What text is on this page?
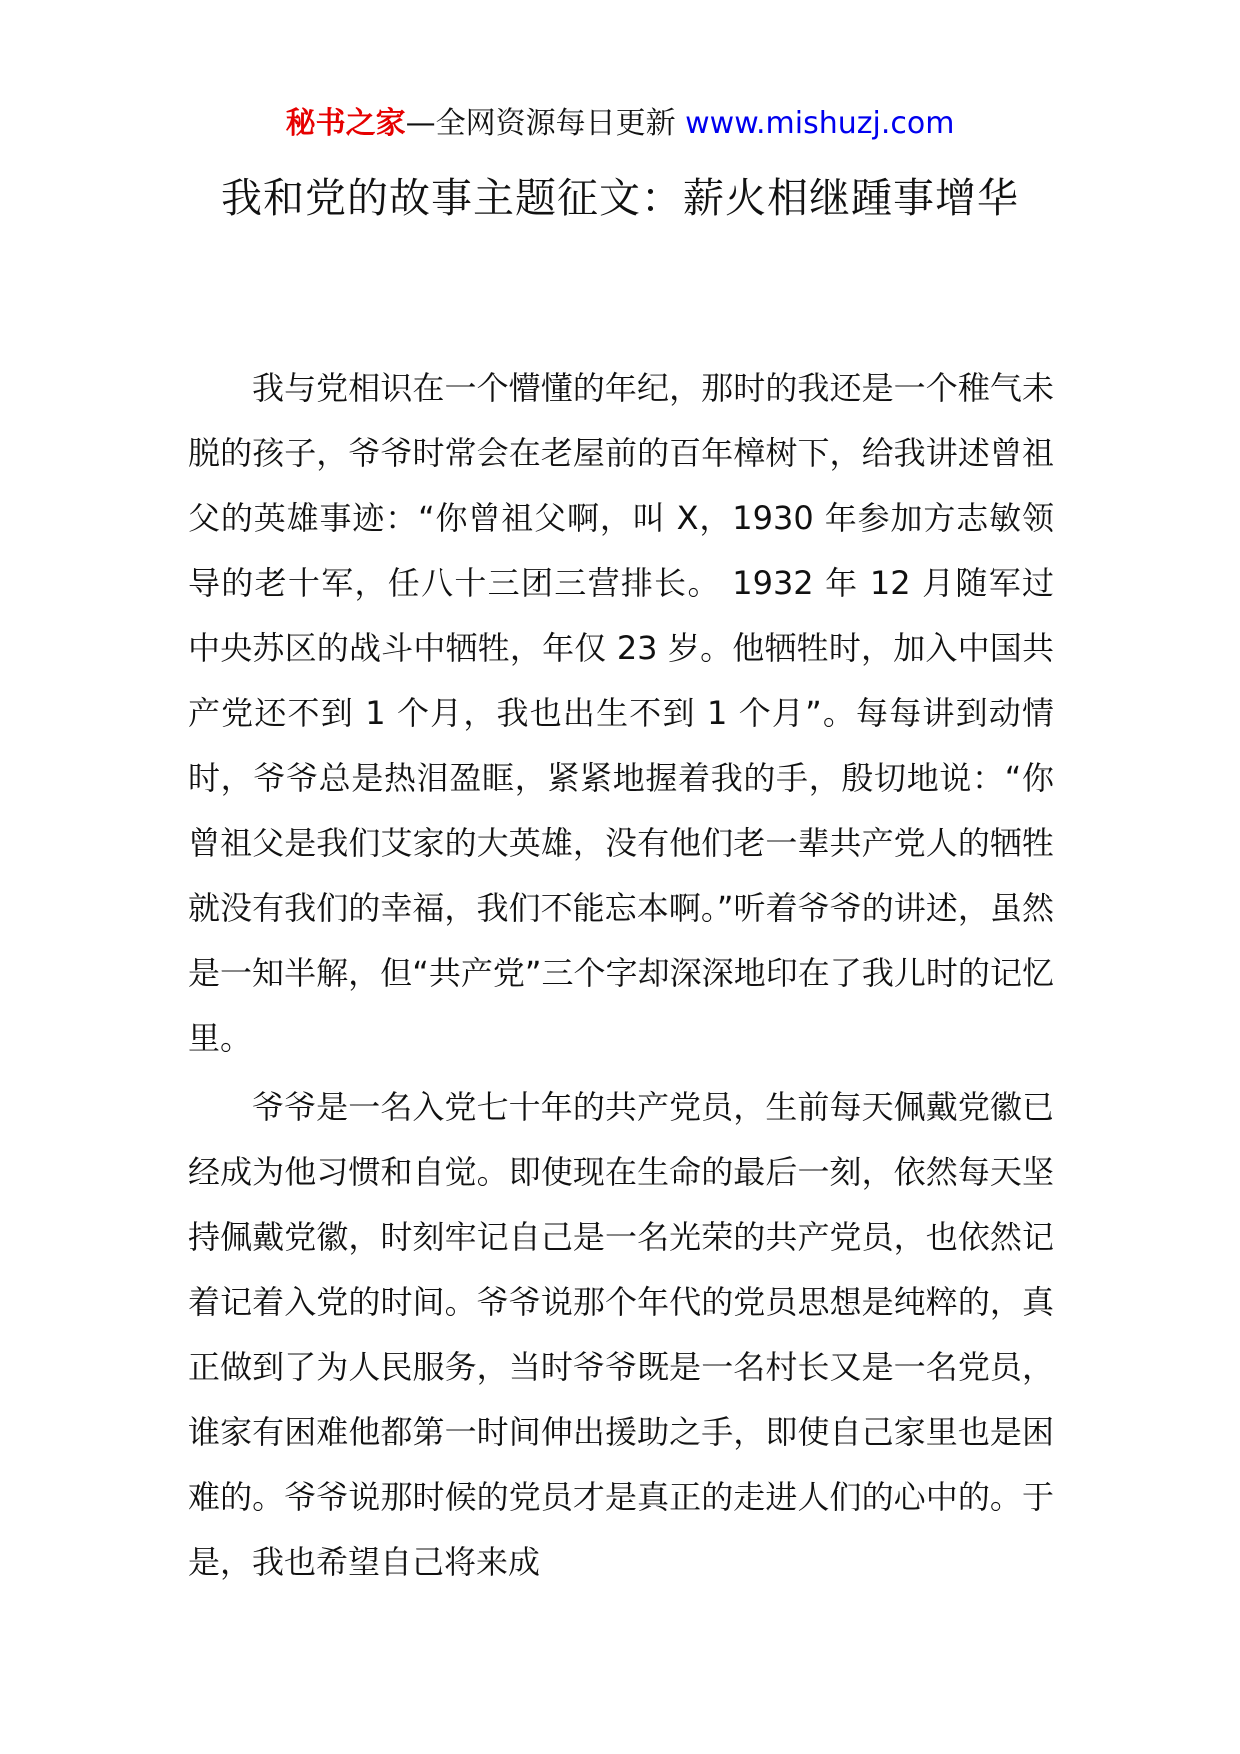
秘书之家—全网资源每日更新 www.mishuzj.com
我和党的故事主题征文：薪火相继踵事增华

我与党相识在一个懵懂的年纪，那时的我还是一个稚气未脱的孩子，爷爷时常会在老屋前的百年樟树下，给我讲述曾祖父的英雄事迹：“你曾祖父啊，叫 X，1930 年参加方志敏领导的老十军，任八十三团三营排长。 1932 年 12 月随军过中央苏区的战斗中牺牲，年仅 23 岁。他牺牲时，加入中国共产党还不到 1 个月，我也出生不到 1 个月”。每每讲到动情时，爷爷总是热泪盈眶，紧紧地握着我的手，殷切地说：“你曾祖父是我们艾家的大英雄，没有他们老一辈共产党人的牺牲就没有我们的幸福，我们不能忘本啊。”听着爷爷的讲述，虽然是一知半解，但“共产党”三个字却深深地印在了我儿时的记忆里。

爷爷是一名入党七十年的共产党员，生前每天佩戴党徽已经成为他习惯和自觉。即使现在生命的最后一刻，依然每天坚持佩戴党徽，时刻牢记自己是一名光荣的共产党员，也依然记着记着入党的时间。爷爷说那个年代的党员思想是纯粹的，真正做到了为人民服务，当时爷爷既是一名村长又是一名党员，谁家有困难他都第一时间伸出援助之手，即使自己家里也是困难的。爷爷说那时候的党员才是真正的走进人们的心中的。于是，我也希望自己将来成
